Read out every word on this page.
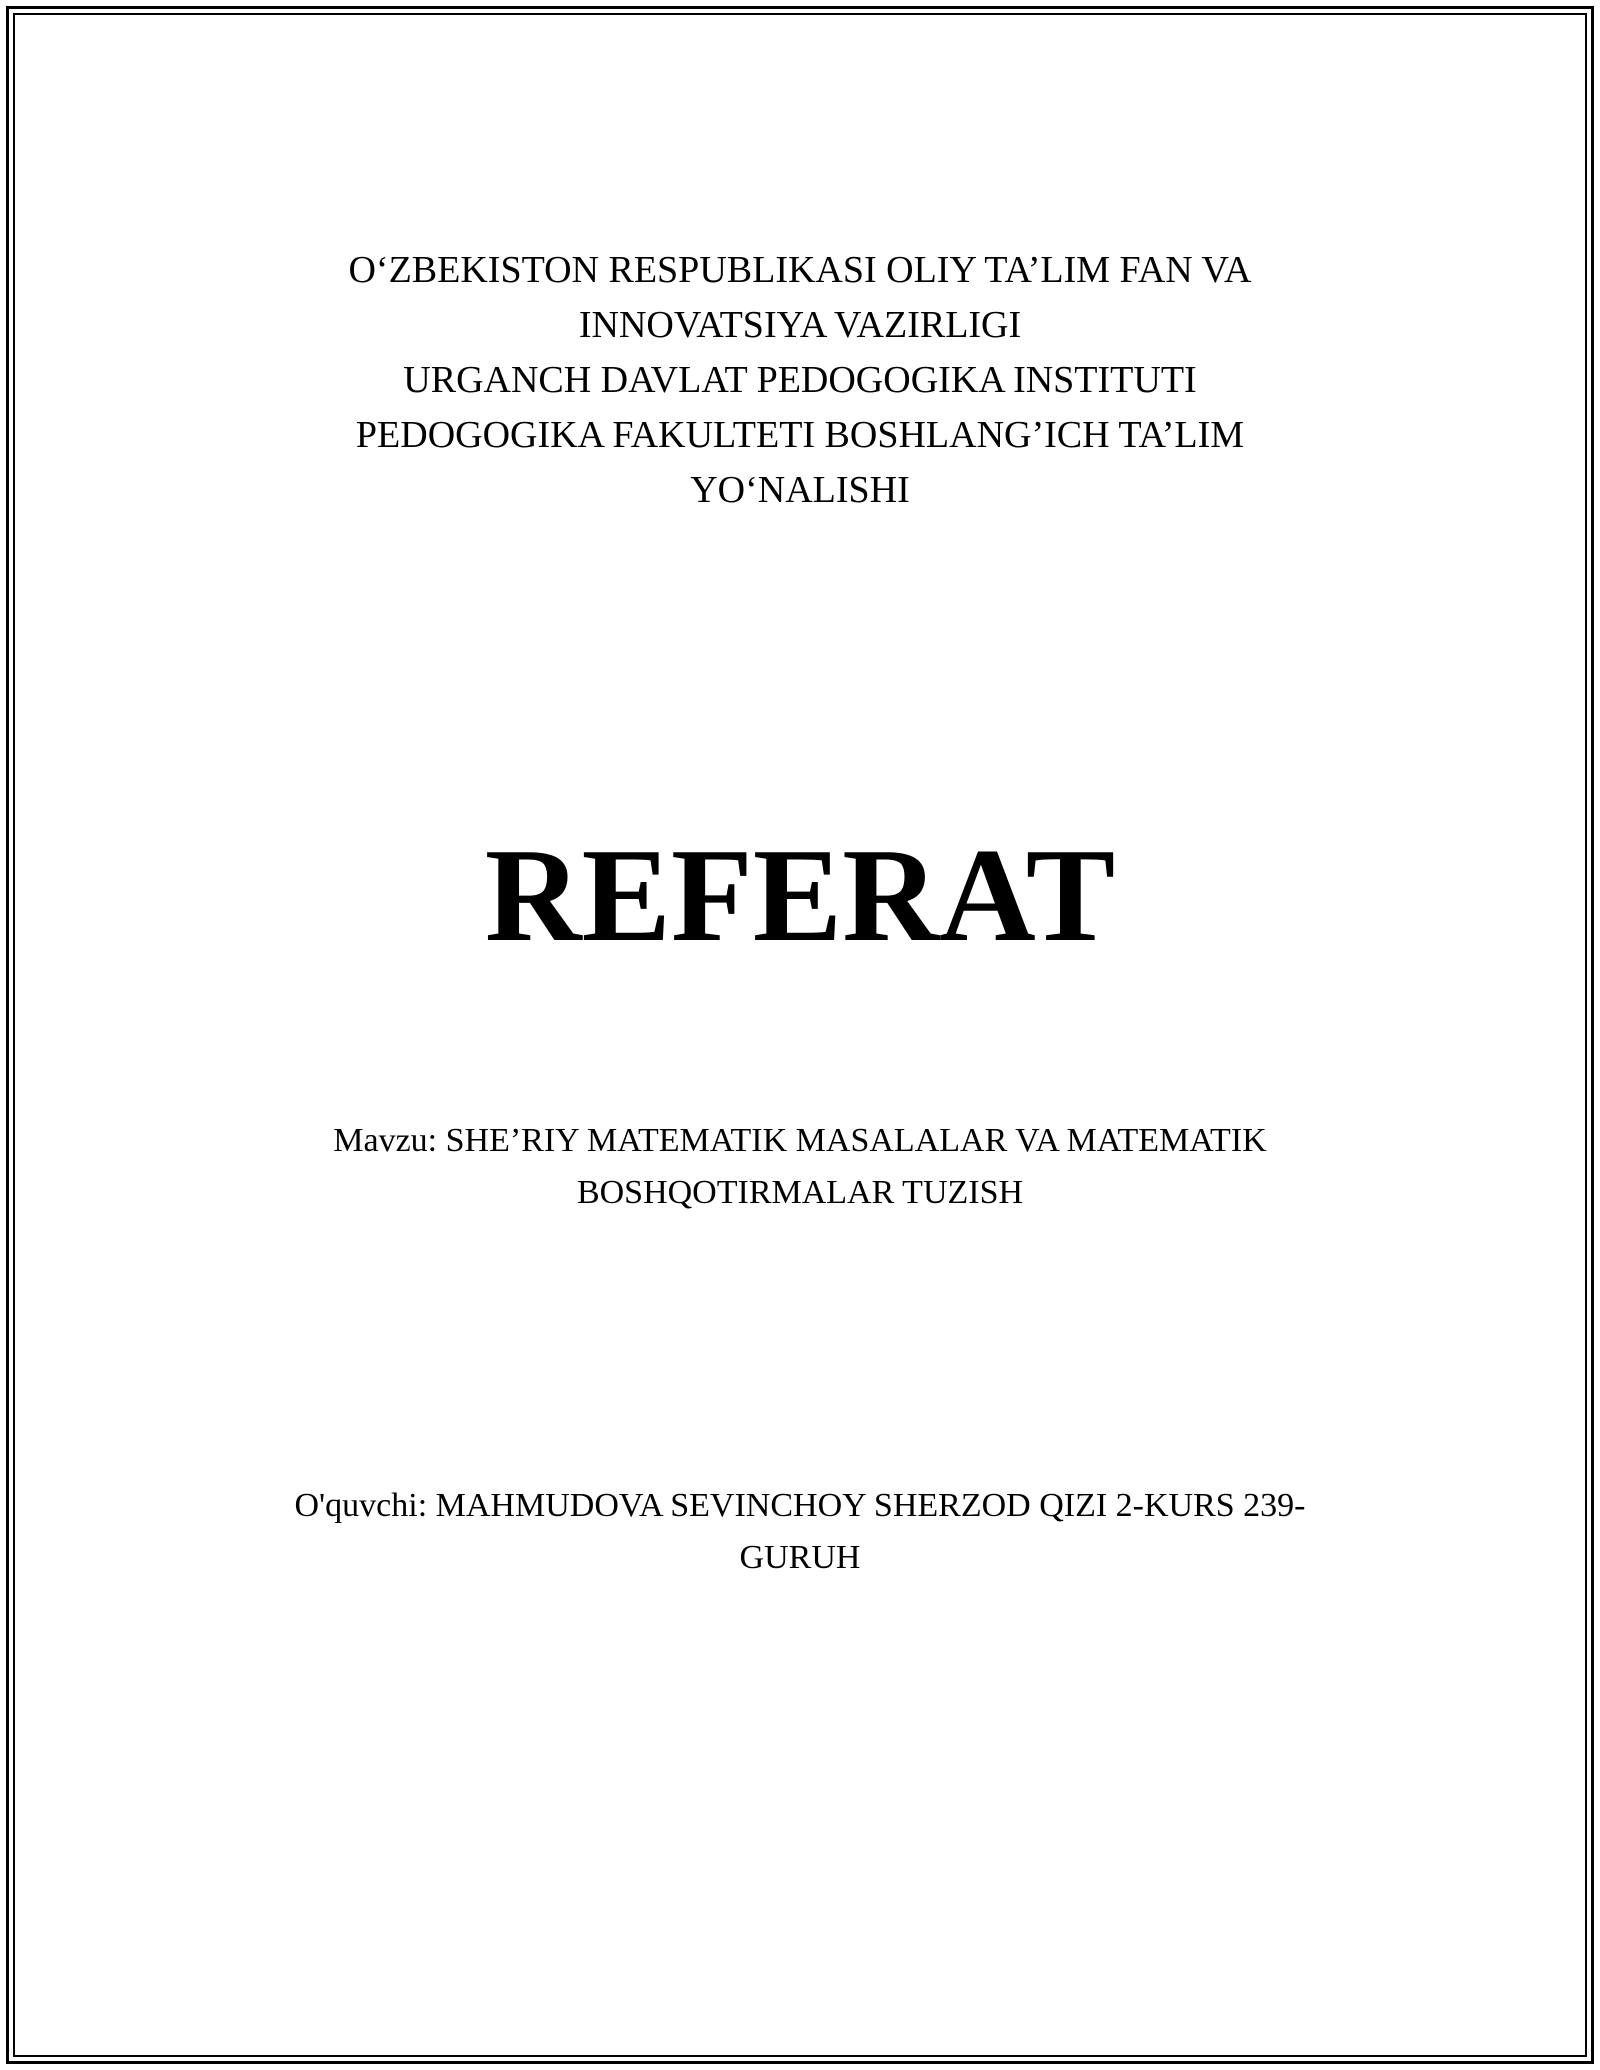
O‘ZBEKISTON RESPUBLIKASI OLIY TA’LIM FAN VA
INNOVATSIYA VAZIRLIGI
URGANCH DAVLAT PEDOGOGIKA INSTITUTI
PEDOGOGIKA FAKULTETI BOSHLANG’ICH TA’LIM
YO‘NALISHI
REFERAT
Mavzu: SHE’RIY MATEMATIK MASALALAR VA MATEMATIK
BOSHQOTIRMALAR TUZISH
O'quvchi: MAHMUDOVA SEVINCHOY SHERZOD QIZI 2-KURS 239-
GURUH
